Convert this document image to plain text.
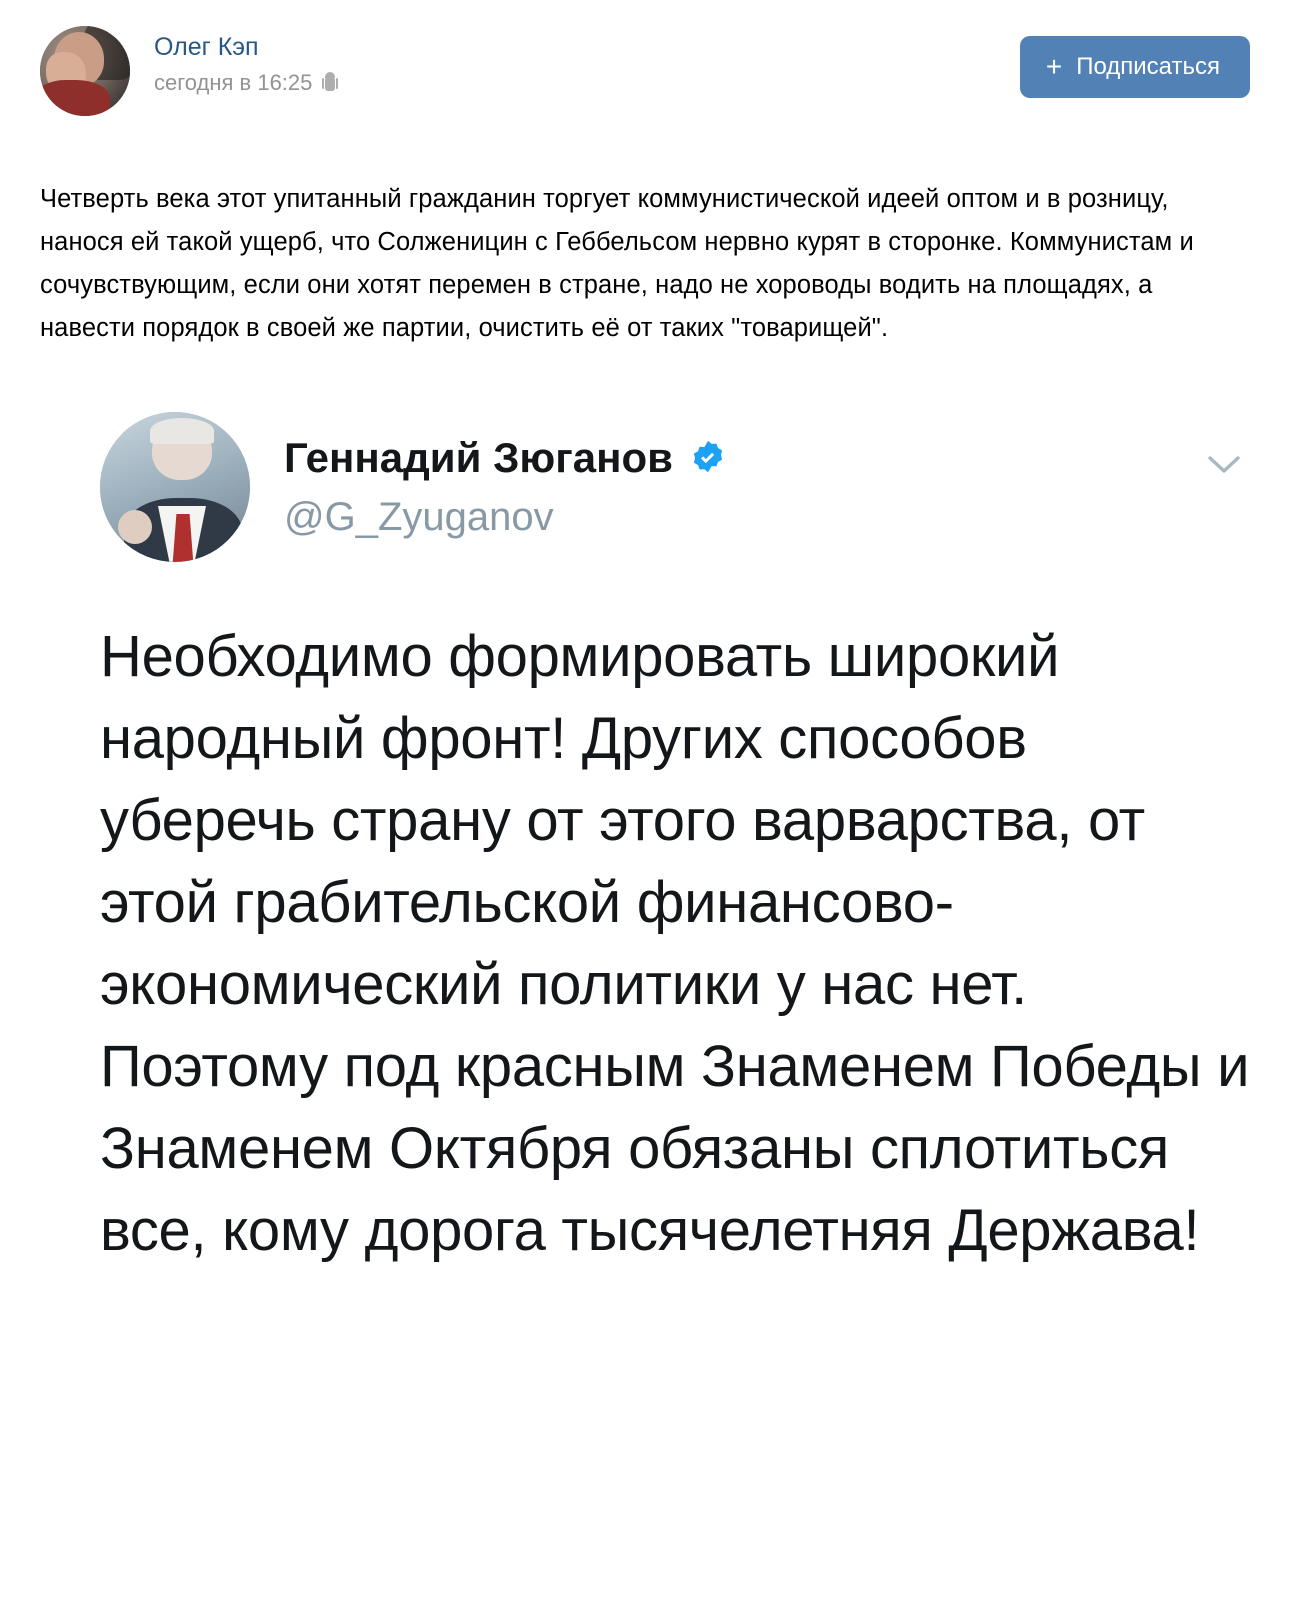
Олег Кэп
сегодня в 16:25
+ Подписаться
Четверть века этот упитанный гражданин торгует коммунистической идеей оптом и в розницу, нанося ей такой ущерб, что Солженицин с Геббельсом нервно курят в сторонке. Коммунистам и сочувствующим, если они хотят перемен в стране, надо не хороводы водить на площадях, а навести порядок в своей же партии, очистить её от таких "товарищей".
Геннадий Зюганов
@G_Zyuganov
Необходимо формировать широкий народный фронт! Других способов уберечь страну от этого варварства, от этой грабительской финансово-экономический политики у нас нет. Поэтому под красным Знаменем Победы и Знаменем Октября обязаны сплотиться все, кому дорога тысячелетняя Держава!
